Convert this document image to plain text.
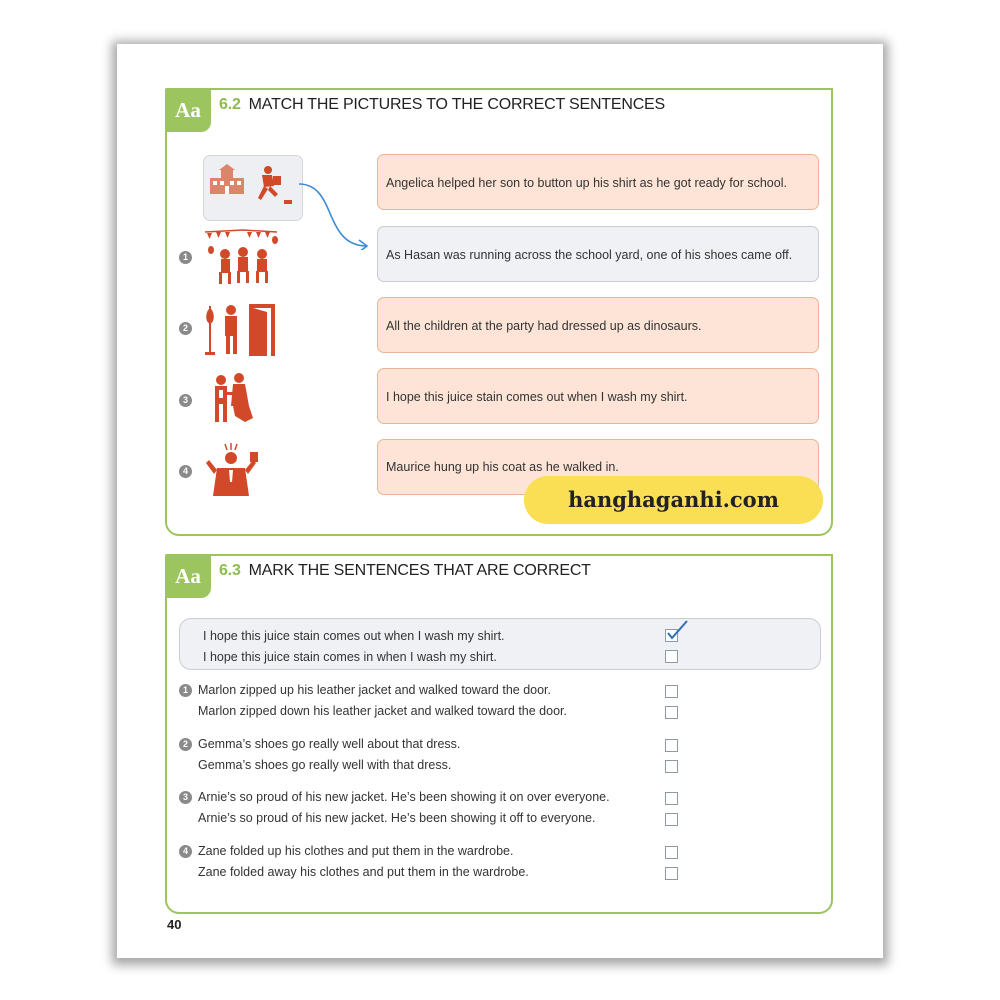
Aa	6.2 MATCH THE PICTURES TO THE CORRECT SENTENCES
1
2
3
4
Angelica helped her son to button up his shirt as he got ready for school.
As Hasan was running across the school yard, one of his shoes came off.
All the children at the party had dressed up as dinosaurs.
I hope this juice stain comes out when I wash my shirt.
Maurice hung up his coat as he walked in.
hanghaganhi.com
Aa	6.3 MARK THE SENTENCES THAT ARE CORRECT
I hope this juice stain comes out when I wash my shirt.
I hope this juice stain comes in when I wash my shirt.
1 Marlon zipped up his leather jacket and walked toward the door.
Marlon zipped down his leather jacket and walked toward the door.
2 Gemma’s shoes go really well about that dress.
Gemma’s shoes go really well with that dress.
3 Arnie’s so proud of his new jacket. He’s been showing it on over everyone.
Arnie’s so proud of his new jacket. He’s been showing it off to everyone.
4 Zane folded up his clothes and put them in the wardrobe.
Zane folded away his clothes and put them in the wardrobe.
40
